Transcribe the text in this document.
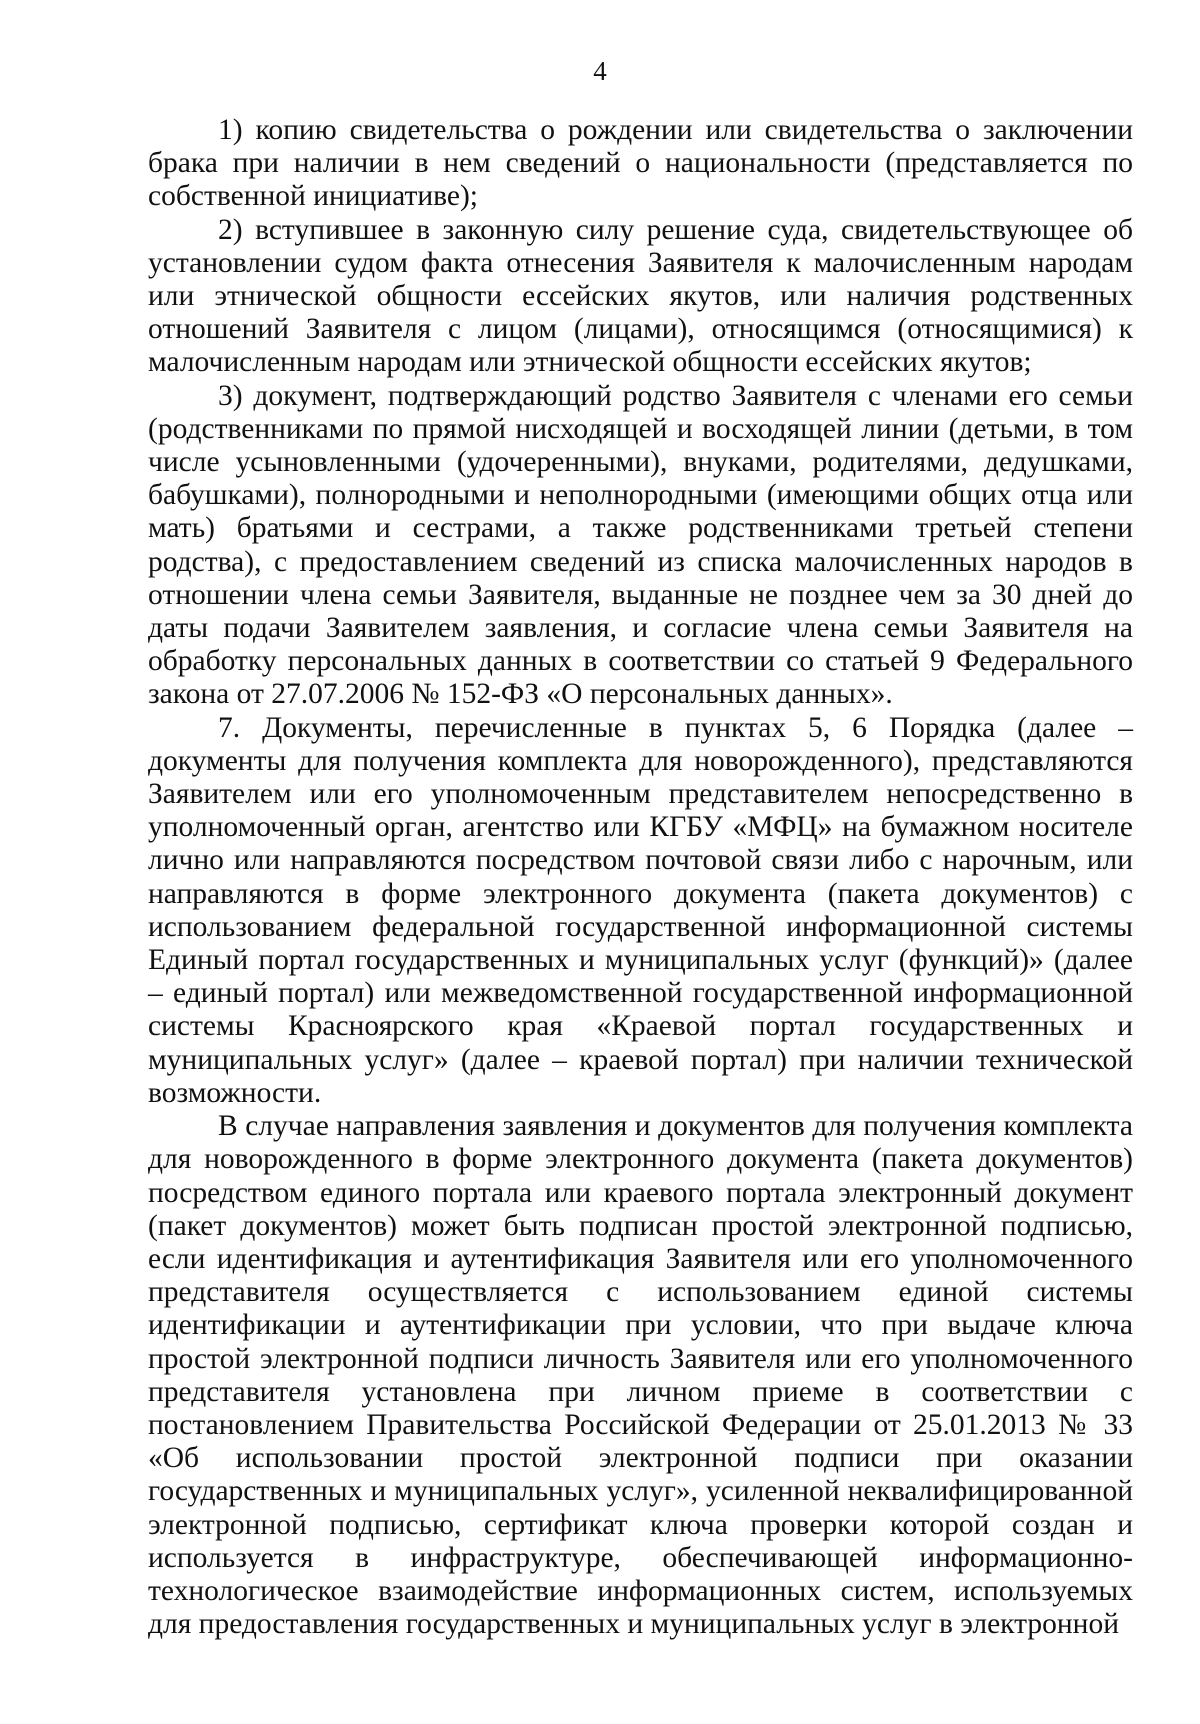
4

1) копию свидетельства о рождении или свидетельства о заключении брака при наличии в нем сведений о национальности (представляется по собственной инициативе);

2) вступившее в законную силу решение суда, свидетельствующее об установлении судом факта отнесения Заявителя к малочисленным народам или этнической общности ессейских якутов, или наличия родственных отношений Заявителя с лицом (лицами), относящимся (относящимися) к малочисленным народам или этнической общности ессейских якутов;

3) документ, подтверждающий родство Заявителя с членами его семьи (родственниками по прямой нисходящей и восходящей линии (детьми, в том числе усыновленными (удочеренными), внуками, родителями, дедушками, бабушками), полнородными и неполнородными (имеющими общих отца или мать) братьями и сестрами, а также родственниками третьей степени родства), с предоставлением сведений из списка малочисленных народов в отношении члена семьи Заявителя, выданные не позднее чем за 30 дней до даты подачи Заявителем заявления, и согласие члена семьи Заявителя на обработку персональных данных в соответствии со статьей 9 Федерального закона от 27.07.2006 № 152-ФЗ «О персональных данных».

7. Документы, перечисленные в пунктах 5, 6 Порядка (далее – документы для получения комплекта для новорожденного), представляются Заявителем или его уполномоченным представителем непосредственно в уполномоченный орган, агентство или КГБУ «МФЦ» на бумажном носителе лично или направляются посредством почтовой связи либо с нарочным, или направляются в форме электронного документа (пакета документов) с использованием федеральной государственной информационной системы Единый портал государственных и муниципальных услуг (функций)» (далее – единый портал) или межведомственной государственной информационной системы Красноярского края «Краевой портал государственных и муниципальных услуг» (далее – краевой портал) при наличии технической возможности.

В случае направления заявления и документов для получения комплекта для новорожденного в форме электронного документа (пакета документов) посредством единого портала или краевого портала электронный документ (пакет документов) может быть подписан простой электронной подписью, если идентификация и аутентификация Заявителя или его уполномоченного представителя осуществляется с использованием единой системы идентификации и аутентификации при условии, что при выдаче ключа простой электронной подписи личность Заявителя или его уполномоченного представителя установлена при личном приеме в соответствии с постановлением Правительства Российской Федерации от 25.01.2013 № 33 «Об использовании простой электронной подписи при оказании государственных и муниципальных услуг», усиленной неквалифицированной электронной подписью, сертификат ключа проверки которой создан и используется в инфраструктуре, обеспечивающей информационно-технологическое взаимодействие информационных систем, используемых для предоставления государственных и муниципальных услуг в электронной
